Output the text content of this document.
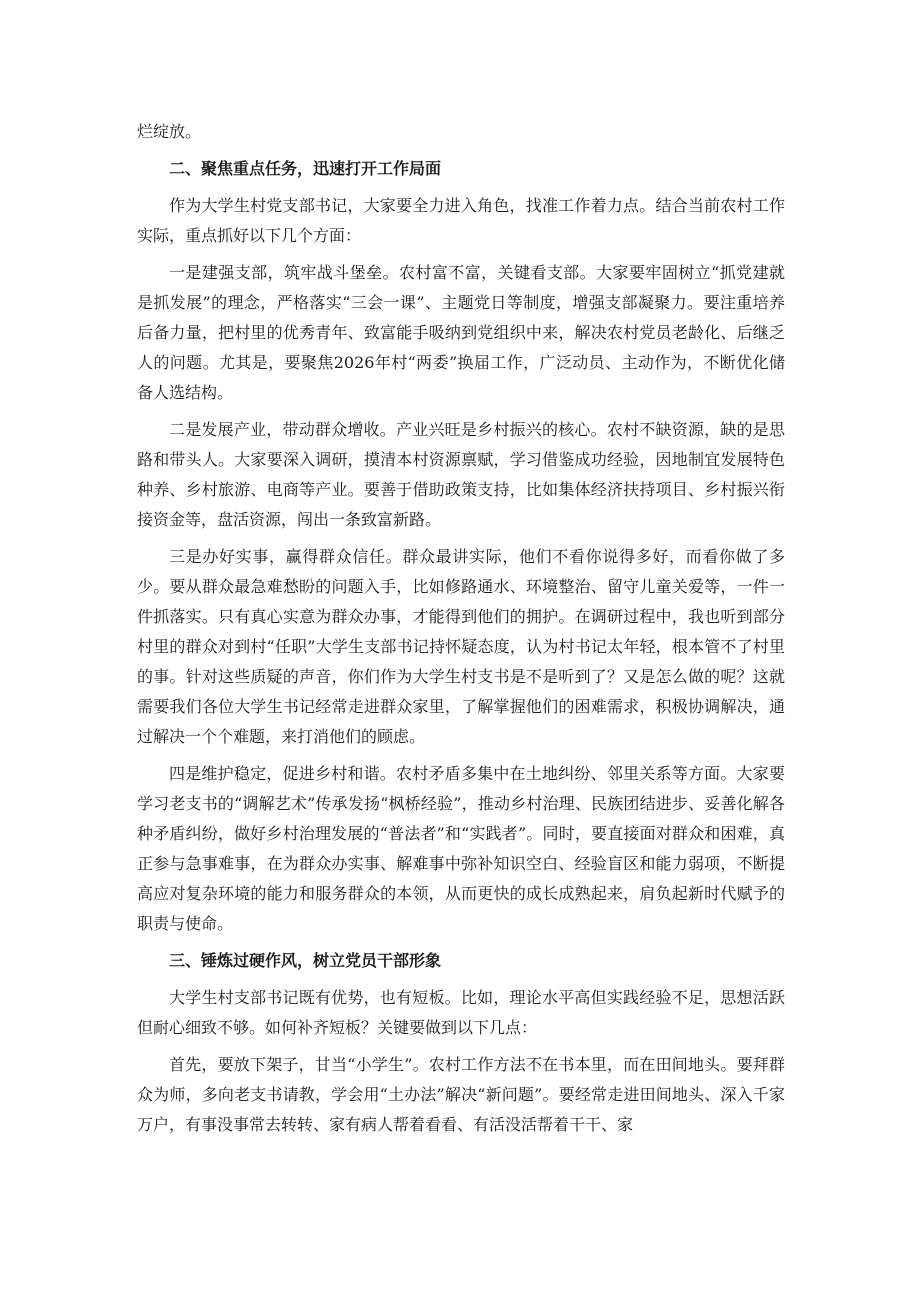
烂绽放。

二、聚焦重点任务，迅速打开工作局面

作为大学生村党支部书记，大家要全力进入角色，找准工作着力点。结合当前农村工作实际，重点抓好以下几个方面：

一是建强支部，筑牢战斗堡垒。农村富不富，关键看支部。大家要牢固树立“抓党建就是抓发展”的理念，严格落实“三会一课”、主题党日等制度，增强支部凝聚力。要注重培养后备力量，把村里的优秀青年、致富能手吸纳到党组织中来，解决农村党员老龄化、后继乏人的问题。尤其是，要聚焦2026年村“两委”换届工作，广泛动员、主动作为，不断优化储备人选结构。

二是发展产业，带动群众增收。产业兴旺是乡村振兴的核心。农村不缺资源，缺的是思路和带头人。大家要深入调研，摸清本村资源禀赋，学习借鉴成功经验，因地制宜发展特色种养、乡村旅游、电商等产业。要善于借助政策支持，比如集体经济扶持项目、乡村振兴衔接资金等，盘活资源，闯出一条致富新路。

三是办好实事，赢得群众信任。群众最讲实际，他们不看你说得多好，而看你做了多少。要从群众最急难愁盼的问题入手，比如修路通水、环境整治、留守儿童关爱等，一件一件抓落实。只有真心实意为群众办事，才能得到他们的拥护。在调研过程中，我也听到部分村里的群众对到村“任职”大学生支部书记持怀疑态度，认为村书记太年轻，根本管不了村里的事。针对这些质疑的声音，你们作为大学生村支书是不是听到了？又是怎么做的呢？这就需要我们各位大学生书记经常走进群众家里，了解掌握他们的困难需求，积极协调解决，通过解决一个个难题，来打消他们的顾虑。

四是维护稳定，促进乡村和谐。农村矛盾多集中在土地纠纷、邻里关系等方面。大家要学习老支书的“调解艺术”传承发扬“枫桥经验”，推动乡村治理、民族团结进步、妥善化解各种矛盾纠纷，做好乡村治理发展的“普法者”和“实践者”。同时，要直接面对群众和困难，真正参与急事难事，在为群众办实事、解难事中弥补知识空白、经验盲区和能力弱项，不断提高应对复杂环境的能力和服务群众的本领，从而更快的成长成熟起来，肩负起新时代赋予的职责与使命。

三、锤炼过硬作风，树立党员干部形象

大学生村支部书记既有优势，也有短板。比如，理论水平高但实践经验不足，思想活跃但耐心细致不够。如何补齐短板？关键要做到以下几点：

首先，要放下架子，甘当“小学生”。农村工作方法不在书本里，而在田间地头。要拜群众为师，多向老支书请教，学会用“土办法”解决“新问题”。要经常走进田间地头、深入千家万户，有事没事常去转转、家有病人帮着看看、有活没活帮着干干、家
